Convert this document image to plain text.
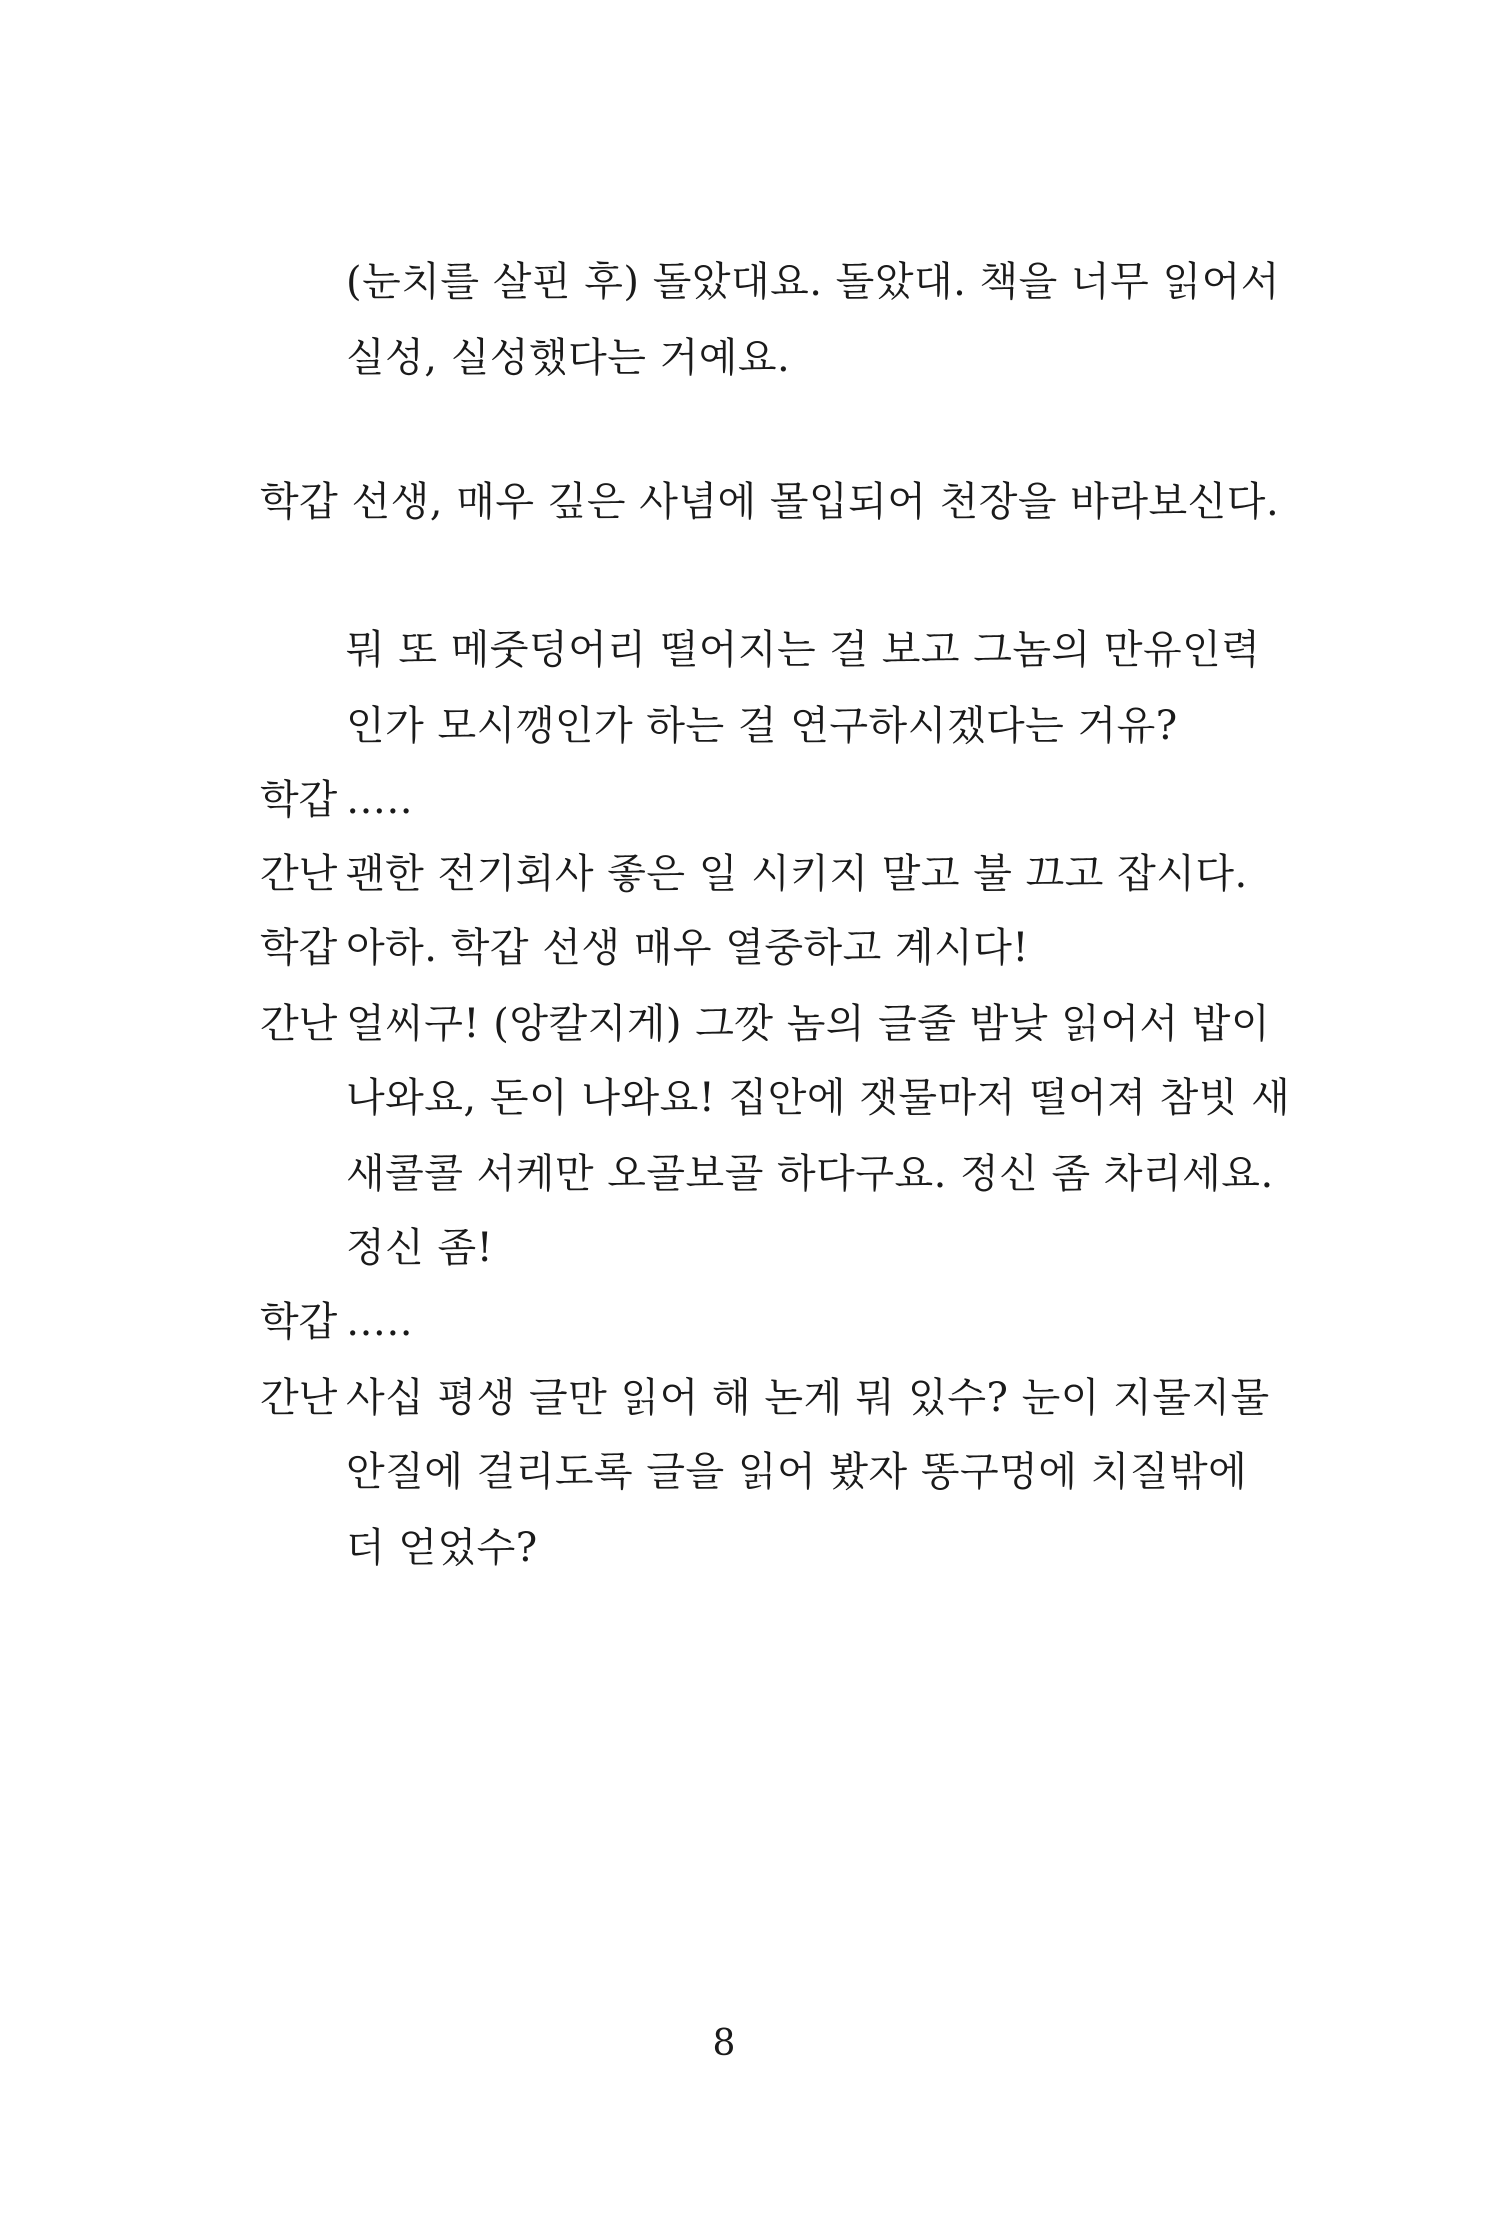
(눈치를 살핀 후) 돌았대요. 돌았대. 책을 너무 읽어서
실성, 실성했다는 거예요.
학갑 선생, 매우 깊은 사념에 몰입되어 천장을 바라보신다.
뭐 또 메줏덩어리 떨어지는 걸 보고 그놈의 만유인력
인가 모시깽인가 하는 걸 연구하시겠다는 거유?
학갑 …..
간난 괜한 전기회사 좋은 일 시키지 말고 불 끄고 잡시다.
학갑 아하. 학갑 선생 매우 열중하고 계시다!
간난 얼씨구! (앙칼지게) 그깟 놈의 글줄 밤낮 읽어서 밥이
나와요, 돈이 나와요! 집안에 잿물마저 떨어져 참빗 새
새콜콜 서케만 오골보골 하다구요. 정신 좀 차리세요.
정신 좀!
학갑 …..
간난 사십 평생 글만 읽어 해 논게 뭐 있수? 눈이 지물지물
안질에 걸리도록 글을 읽어 봤자 똥구멍에 치질밖에
더 얻었수?
8
